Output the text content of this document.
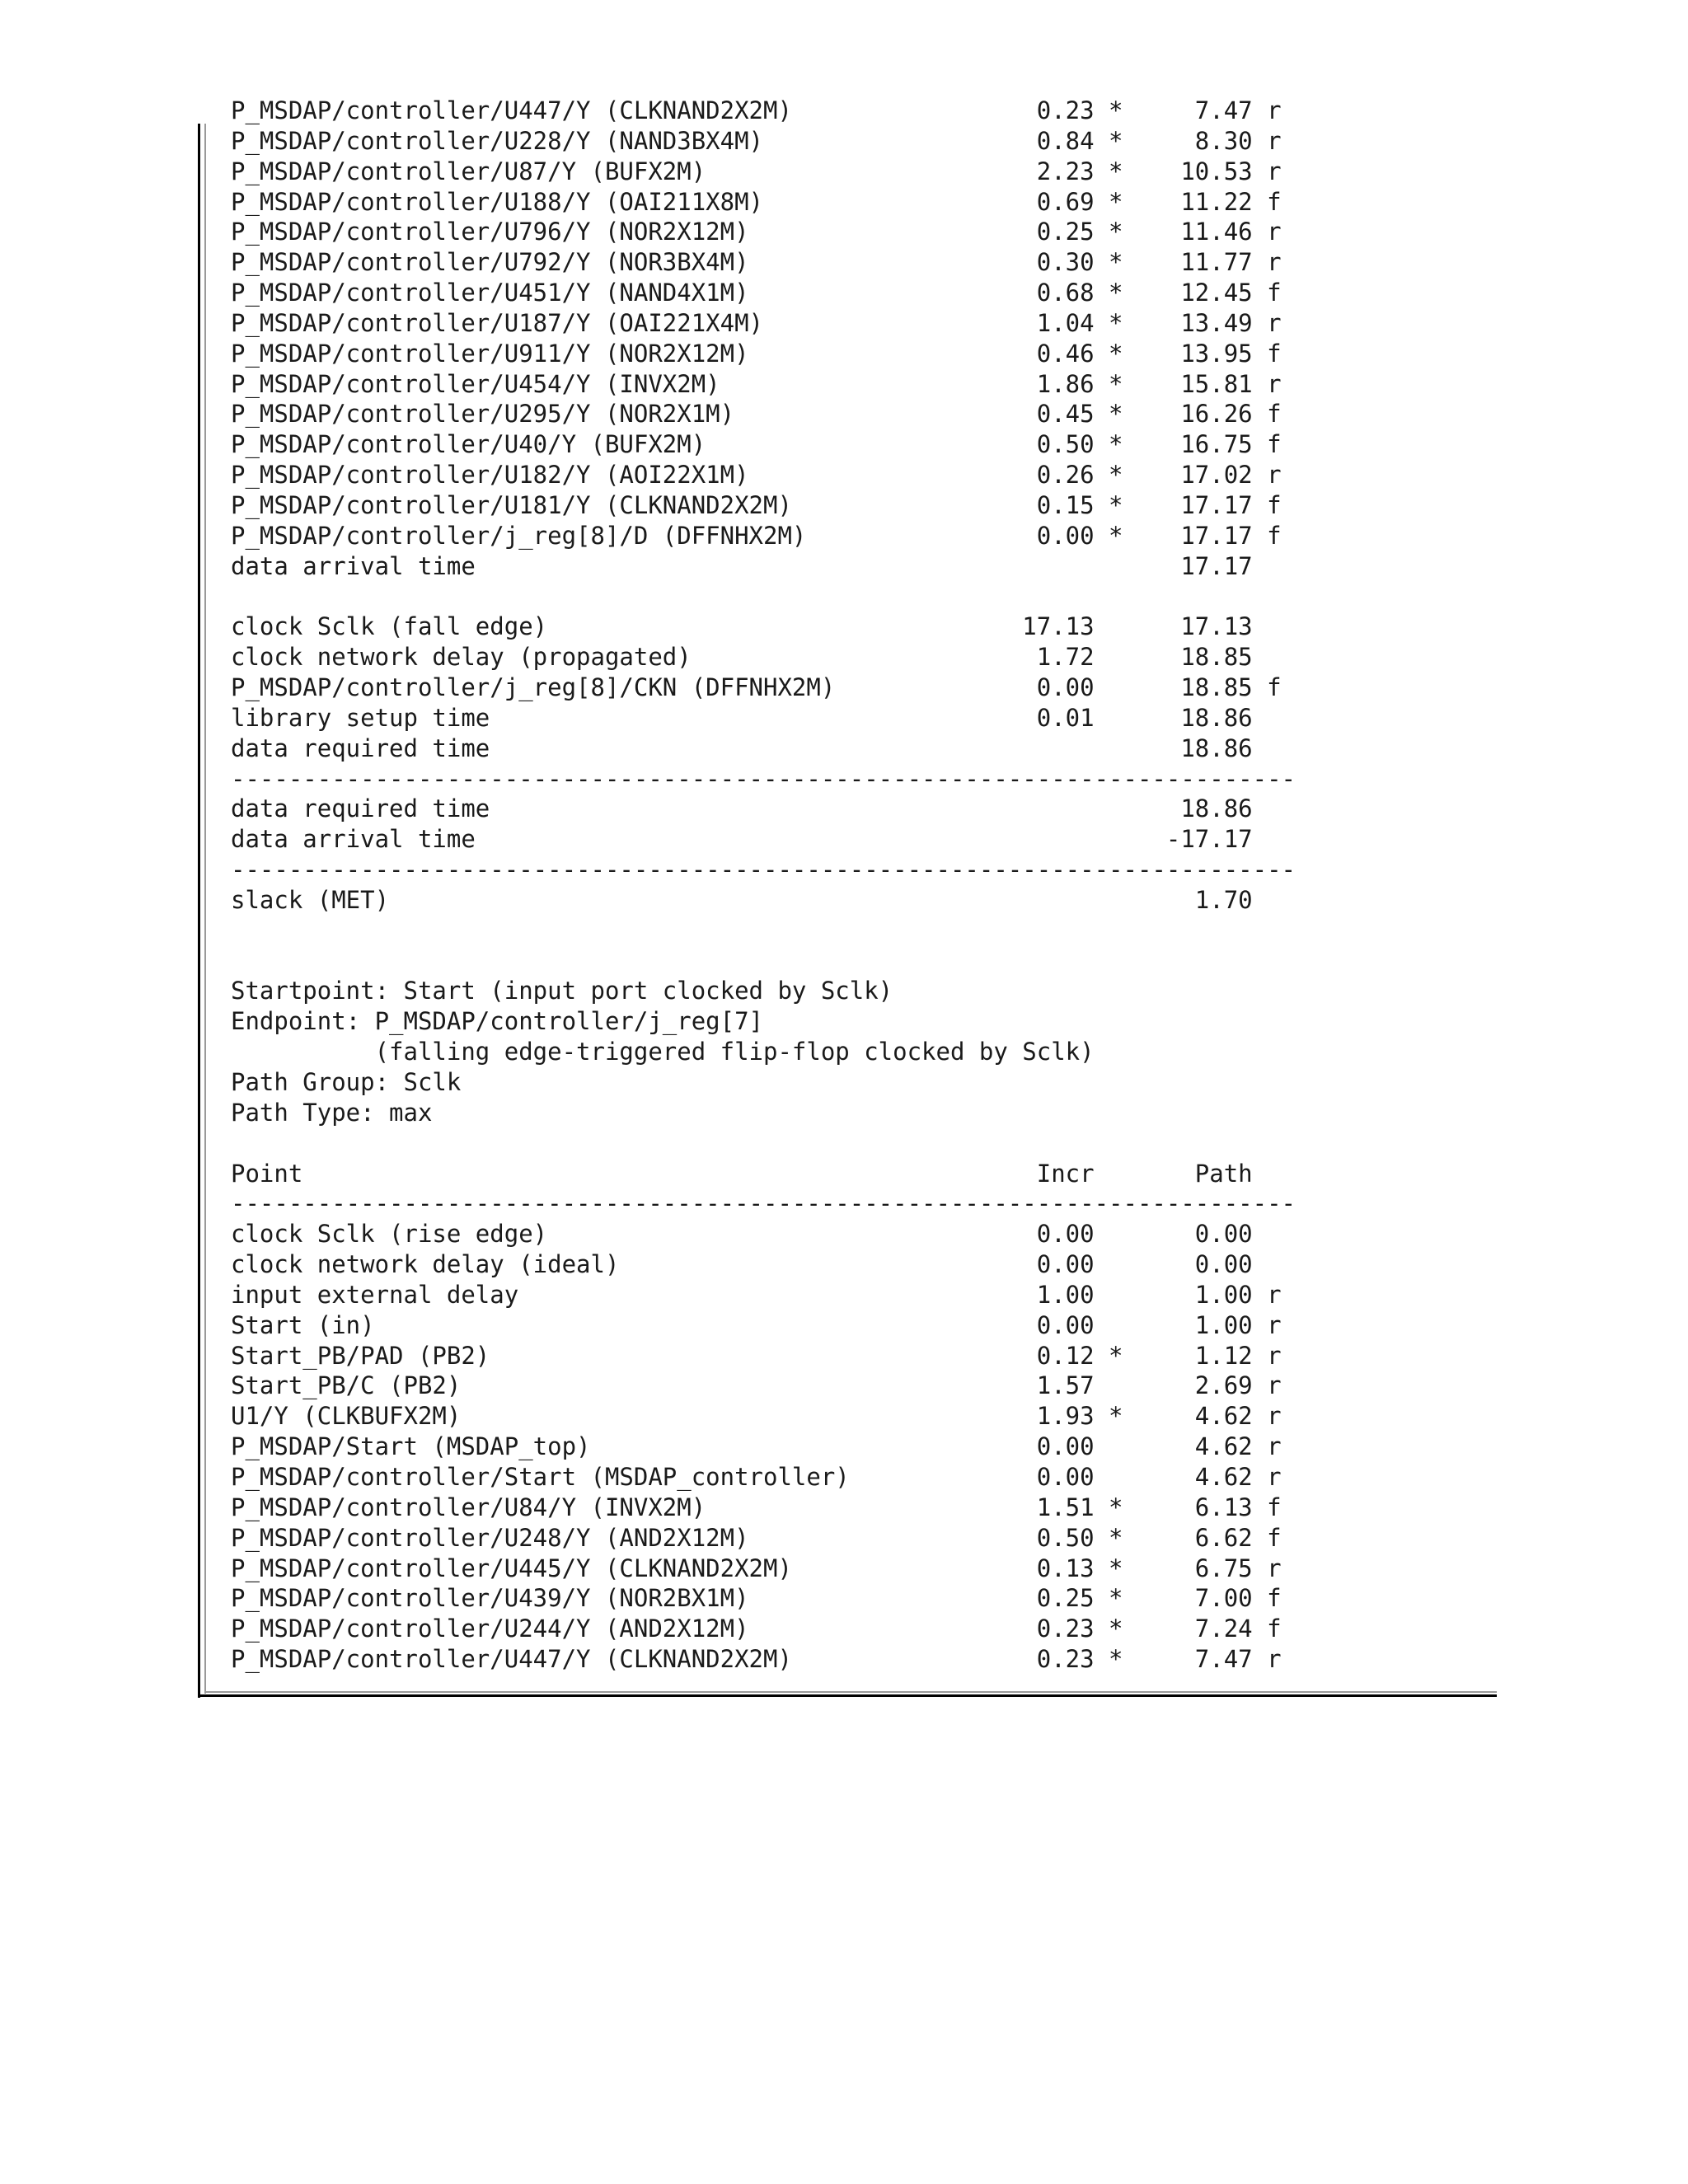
P_MSDAP/controller/U447/Y (CLKNAND2X2M)                 0.23 *     7.47 r
P_MSDAP/controller/U228/Y (NAND3BX4M)                   0.84 *     8.30 r
P_MSDAP/controller/U87/Y (BUFX2M)                       2.23 *    10.53 r
P_MSDAP/controller/U188/Y (OAI211X8M)                   0.69 *    11.22 f
P_MSDAP/controller/U796/Y (NOR2X12M)                    0.25 *    11.46 r
P_MSDAP/controller/U792/Y (NOR3BX4M)                    0.30 *    11.77 r
P_MSDAP/controller/U451/Y (NAND4X1M)                    0.68 *    12.45 f
P_MSDAP/controller/U187/Y (OAI221X4M)                   1.04 *    13.49 r
P_MSDAP/controller/U911/Y (NOR2X12M)                    0.46 *    13.95 f
P_MSDAP/controller/U454/Y (INVX2M)                      1.86 *    15.81 r
P_MSDAP/controller/U295/Y (NOR2X1M)                     0.45 *    16.26 f
P_MSDAP/controller/U40/Y (BUFX2M)                       0.50 *    16.75 f
P_MSDAP/controller/U182/Y (AOI22X1M)                    0.26 *    17.02 r
P_MSDAP/controller/U181/Y (CLKNAND2X2M)                 0.15 *    17.17 f
P_MSDAP/controller/j_reg[8]/D (DFFNHX2M)                0.00 *    17.17 f
data arrival time                                                 17.17

clock Sclk (fall edge)                                 17.13      17.13
clock network delay (propagated)                        1.72      18.85
P_MSDAP/controller/j_reg[8]/CKN (DFFNHX2M)              0.00      18.85 f
library setup time                                      0.01      18.86
data required time                                                18.86
--------------------------------------------------------------------------
data required time                                                18.86
data arrival time                                                -17.17
--------------------------------------------------------------------------
slack (MET)                                                        1.70

Startpoint: Start (input port clocked by Sclk)
Endpoint: P_MSDAP/controller/j_reg[7]
(falling edge-triggered flip-flop clocked by Sclk)
Path Group: Sclk
Path Type: max

Point                                                   Incr       Path
--------------------------------------------------------------------------
clock Sclk (rise edge)                                  0.00       0.00
clock network delay (ideal)                             0.00       0.00
input external delay                                    1.00       1.00 r
Start (in)                                              0.00       1.00 r
Start_PB/PAD (PB2)                                      0.12 *     1.12 r
Start_PB/C (PB2)                                        1.57       2.69 r
U1/Y (CLKBUFX2M)                                        1.93 *     4.62 r
P_MSDAP/Start (MSDAP_top)                               0.00       4.62 r
P_MSDAP/controller/Start (MSDAP_controller)             0.00       4.62 r
P_MSDAP/controller/U84/Y (INVX2M)                       1.51 *     6.13 f
P_MSDAP/controller/U248/Y (AND2X12M)                    0.50 *     6.62 f
P_MSDAP/controller/U445/Y (CLKNAND2X2M)                 0.13 *     6.75 r
P_MSDAP/controller/U439/Y (NOR2BX1M)                    0.25 *     7.00 f
P_MSDAP/controller/U244/Y (AND2X12M)                    0.23 *     7.24 f
P_MSDAP/controller/U447/Y (CLKNAND2X2M)                 0.23 *     7.47 r
